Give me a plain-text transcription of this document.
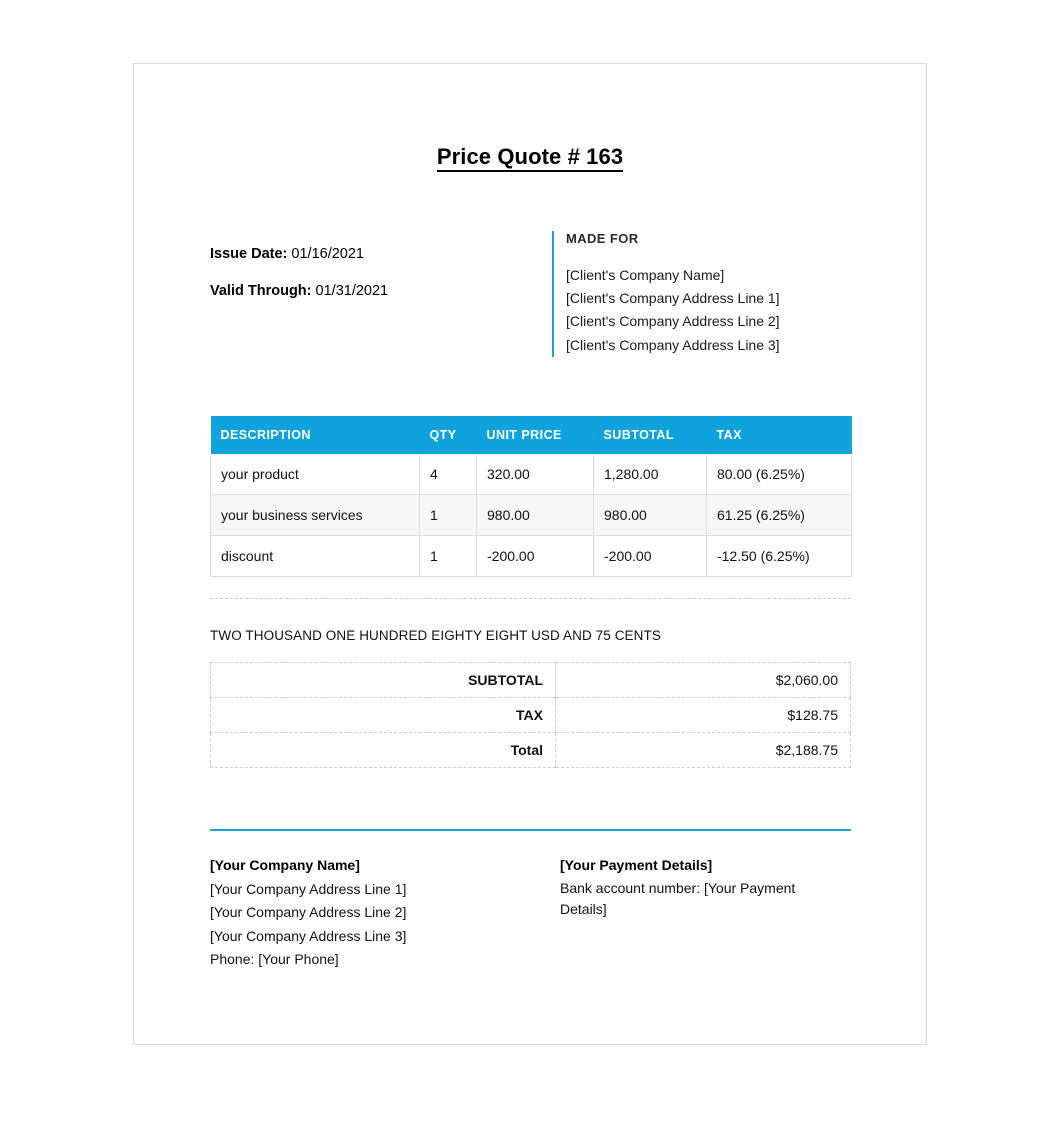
Price Quote # 163
Issue Date: 01/16/2021
Valid Through: 01/31/2021
MADE FOR
[Client's Company Name]
[Client's Company Address Line 1]
[Client's Company Address Line 2]
[Client's Company Address Line 3]
DESCRIPTION	QTY	UNIT PRICE	SUBTOTAL	TAX
your product	4	320.00	1,280.00	80.00 (6.25%)
your business services	1	980.00	980.00	61.25 (6.25%)
discount	1	-200.00	-200.00	-12.50 (6.25%)
TWO THOUSAND ONE HUNDRED EIGHTY EIGHT USD AND 75 CENTS
SUBTOTAL	$2,060.00
TAX	$128.75
Total	$2,188.75
[Your Company Name]
[Your Company Address Line 1]
[Your Company Address Line 2]
[Your Company Address Line 3]
Phone: [Your Phone]
[Your Payment Details]
Bank account number: [Your Payment Details]
